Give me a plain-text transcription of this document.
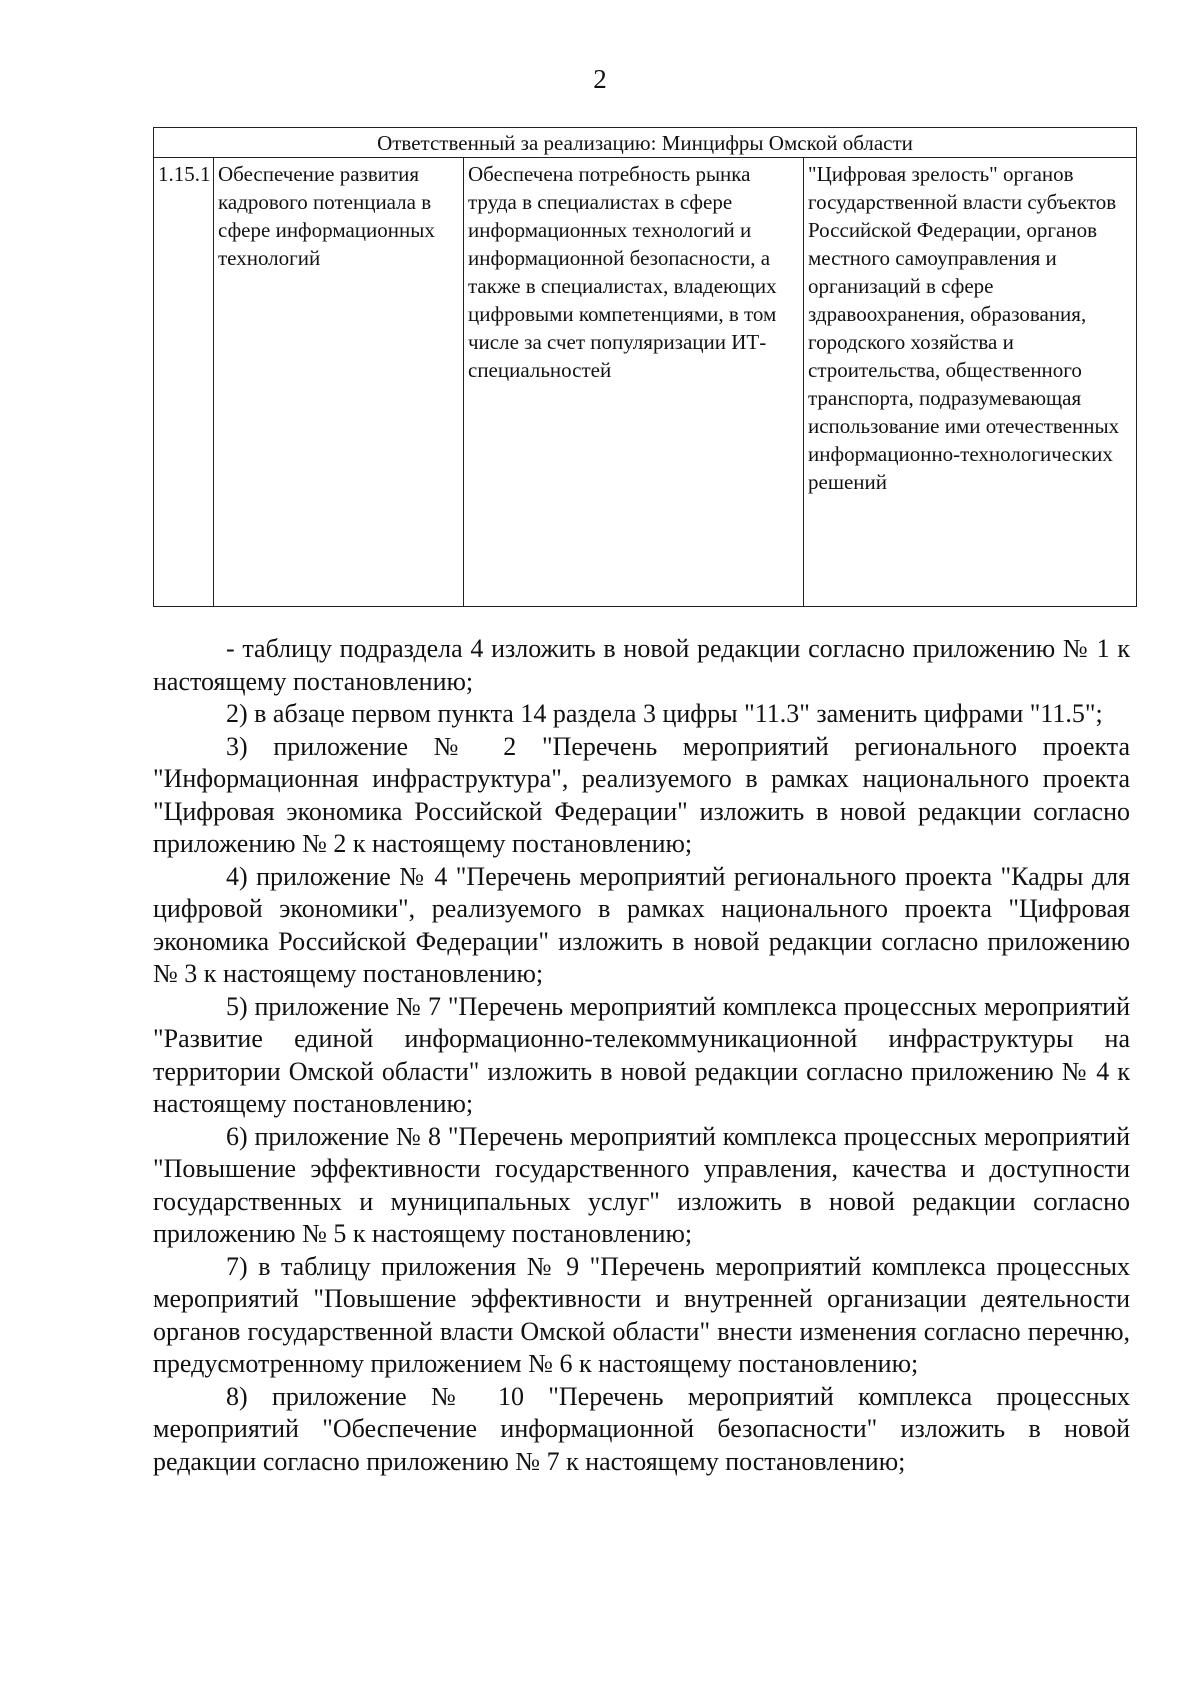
2
Ответственный за реализацию: Минцифры Омской области
1.15.1	Обеспечение развития кадрового потенциала в сфере информационных технологий	Обеспечена потребность рынка труда в специалистах в сфере информационных технологий и информационной безопасности, а также в специалистах, владеющих цифровыми компетенциями, в том числе за счет популяризации ИТ-специальностей	"Цифровая зрелость" органов государственной власти субъектов Российской Федерации, органов местного самоуправления и организаций в сфере здравоохранения, образования, городского хозяйства и строительства, общественного транспорта, подразумевающая использование ими отечественных информационно-технологических решений

- таблицу подраздела 4 изложить в новой редакции согласно приложению № 1 к настоящему постановлению;

2) в абзаце первом пункта 14 раздела 3 цифры "11.3" заменить цифрами "11.5";

3) приложение № 2 "Перечень мероприятий регионального проекта "Информационная инфраструктура", реализуемого в рамках национального проекта "Цифровая экономика Российской Федерации" изложить в новой редакции согласно приложению № 2 к настоящему постановлению;

4) приложение № 4 "Перечень мероприятий регионального проекта "Кадры для цифровой экономики", реализуемого в рамках национального проекта "Цифровая экономика Российской Федерации" изложить в новой редакции согласно приложению № 3 к настоящему постановлению;

5) приложение № 7 "Перечень мероприятий комплекса процессных мероприятий "Развитие единой информационно-телекоммуникационной инфраструктуры на территории Омской области" изложить в новой редакции согласно приложению № 4 к настоящему постановлению;

6) приложение № 8 "Перечень мероприятий комплекса процессных мероприятий "Повышение эффективности государственного управления, качества и доступности государственных и муниципальных услуг" изложить в новой редакции согласно приложению № 5 к настоящему постановлению;

7) в таблицу приложения № 9 "Перечень мероприятий комплекса процессных мероприятий "Повышение эффективности и внутренней организации деятельности органов государственной власти Омской области" внести изменения согласно перечню, предусмотренному приложением № 6 к настоящему постановлению;

8) приложение № 10 "Перечень мероприятий комплекса процессных мероприятий "Обеспечение информационной безопасности" изложить в новой редакции согласно приложению № 7 к настоящему постановлению;
